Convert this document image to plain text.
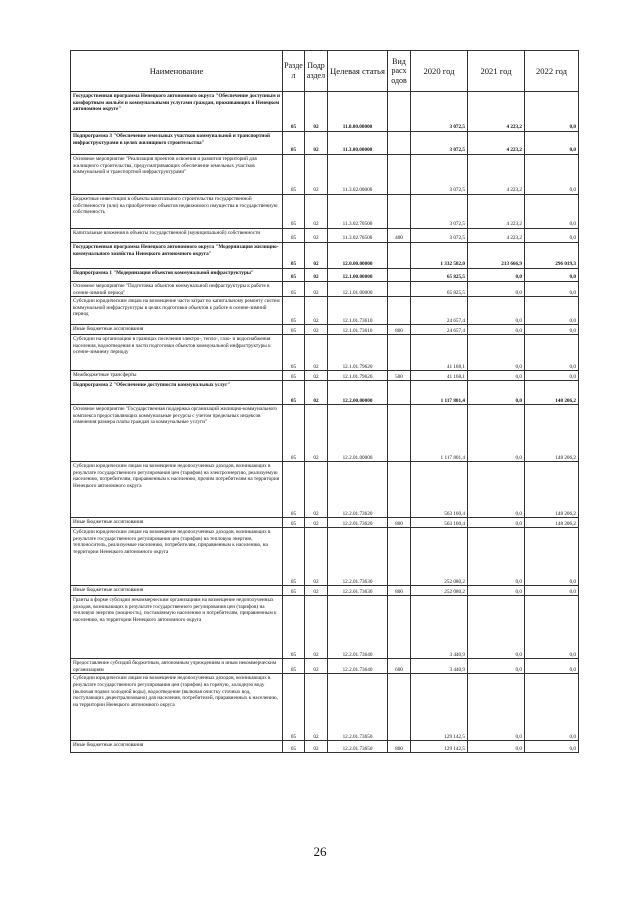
Наименование	Разде л	Подр аздел	Целевая статья	Вид расх одов	2020 год	2021 год	2022 год
Государственная программа Ненецкого автономного округа "Обеспечение доступным и комфортным жильём и коммунальными услугами граждан, проживающих в Ненецком автономном округе"	05	02	11.0.00.00000		3 072,5	4 223,2	0,0
Подпрограмма 3 "Обеспечение земельных участков коммунальной и транспортной инфраструктурами в целях жилищного строительства"	05	02	11.3.00.00000		3 072,5	4 223,2	0,0
Основное мероприятие "Реализация проектов освоения и развития территорий для жилищного строительства, предусматривающих обеспечение земельных участков коммунальной и транспортной инфраструктурами"	05	02	11.3.02.00000		3 072,5	4 223,2	0,0
Бюджетные инвестиции в объекты капитального строительства государственной собственности (или) на приобретение объектов недвижимого имущества в государственную собственность	05	02	11.3.02.70500		3 072,5	4 223,2	0,0
Капитальные вложения в объекты государственной (муниципальной) собственности	05	02	11.3.02.70500	400	3 072,5	4 223,2	0,0
Государственная программа Ненецкого автономного округа "Модернизация жилищно-коммунального хозяйства Ненецкого автономного округа"	05	02	12.0.00.00000		1 332 582,0	213 666,9	296 019,3
Подпрограмма 1 "Модернизация объектов коммунальной инфраструктуры"	05	02	12.1.00.00000		65 825,5	0,0	0,0
Основное мероприятие "Подготовка объектов коммунальной инфраструктуры к работе в осенне-зимний период"	05	02	12.1.01.00000		65 825,5	0,0	0,0
Субсидии юридическим лицам на возмещение части затрат по капитальному ремонту систем коммунальной инфраструктуры в целях подготовки объектов к работе в осенне-зимний период	05	02	12.1.01.73610		24 657,4	0,0	0,0
Иные бюджетные ассигнования	05	02	12.1.01.73610	800	24 657,4	0,0	0,0
Субсидии на организацию в границах поселения электро-, тепло-, газо- и водоснабжения населения, водоотведения в части подготовки объектов коммунальной инфраструктуры к осенне-зимнему периоду	05	02	12.1.01.79620		41 168,1	0,0	0,0
Межбюджетные трансферты	05	02	12.1.01.79620	500	41 168,1	0,0	0,0
Подпрограмма 2 "Обеспечение доступности коммунальных услуг"	05	02	12.2.00.00000		1 117 801,4	0,0	148 206,2
Основное мероприятие "Государственная поддержка организаций жилищно-коммунального комплекса предоставляющих коммунальные ресурсы с учетом предельных индексов изменения размера платы граждан за коммунальные услуги"	05	02	12.2.01.00000		1 117 801,4	0,0	148 206,2
Субсидии юридическим лицам на возмещение недополученных доходов, возникающих в результате государственного регулирования цен (тарифов) на электроэнергию, реализуемую населению, потребителям, приравненным к населению, прочим потребителям на территории Ненецкого автономного округа	05	02	12.2.01.73620		563 160,4	0,0	148 206,2
Иные бюджетные ассигнования	05	02	12.2.01.73620	800	563 160,4	0,0	148 206,2
Субсидии юридическим лицам на возмещение недополученных доходов, возникающих в результате государственного регулирования цен (тарифов) на тепловую энергию, теплоноситель, реализуемые населению, потребителям, приравненным к населению, на территории Ненецкого автономного округа	05	02	12.2.01.73630		252 080,2	0,0	0,0
Иные бюджетные ассигнования	05	02	12.2.01.73630	800	252 080,2	0,0	0,0
Гранты в форме субсидии некоммерческим организациям на возмещение недополученных доходов, возникающих в результате государственного регулирования цен (тарифов) на тепловую энергию (мощность), поставляемую населению и потребителям, приравненным к населению, на территории Ненецкого автономного округа	05	02	12.2.01.73640		3 440,9	0,0	0,0
Предоставление субсидий бюджетным, автономным учреждениям и иным некоммерческим организациям	05	02	12.2.01.73640	600	3 440,9	0,0	0,0
Субсидии юридическим лицам на возмещение недополученных доходов, возникающих в результате государственного регулирования цен (тарифов) на горячую, холодную воду (включая подвоз холодной воды), водоотведение (включая очистку сточных вод, поступающих децентрализовано) для населения, потребителей, приравненных к населению, на территории Ненецкого автономного округа	05	02	12.2.01.73650		129 142,5	0,0	0,0
Иные бюджетные ассигнования	05	02	12.2.01.73650	800	129 142,5	0,0	0,0
26
